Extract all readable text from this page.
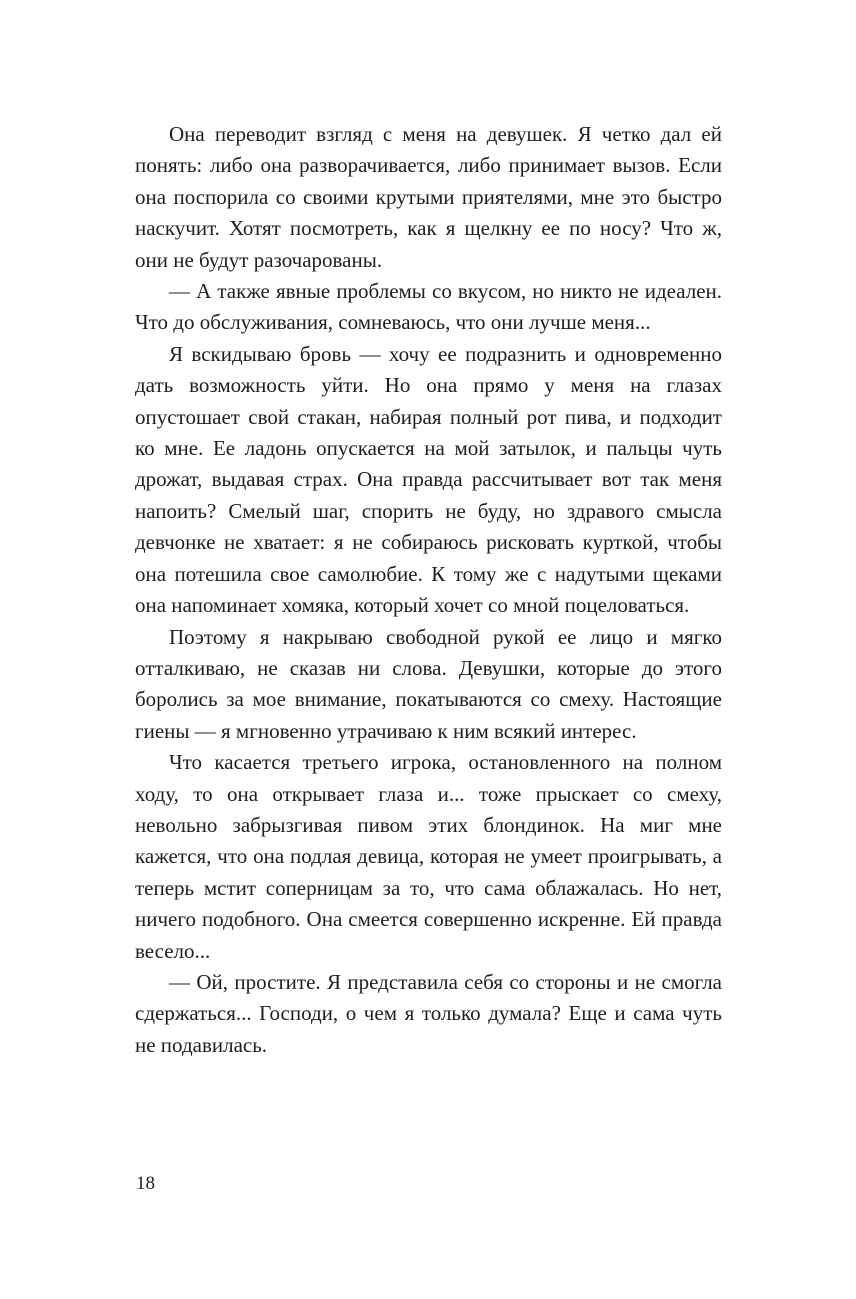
Она переводит взгляд с меня на девушек. Я четко дал ей понять: либо она разворачивается, либо принимает вызов. Если она поспорила со своими крутыми приятелями, мне это быстро наскучит. Хотят посмотреть, как я щелкну ее по носу? Что ж, они не будут разочарованы.

— А также явные проблемы со вкусом, но никто не идеален. Что до обслуживания, сомневаюсь, что они лучше меня...

Я вскидываю бровь — хочу ее подразнить и одновременно дать возможность уйти. Но она прямо у меня на глазах опустошает свой стакан, набирая полный рот пива, и подходит ко мне. Ее ладонь опускается на мой затылок, и пальцы чуть дрожат, выдавая страх. Она правда рассчитывает вот так меня напоить? Смелый шаг, спорить не буду, но здравого смысла девчонке не хватает: я не собираюсь рисковать курткой, чтобы она потешила свое самолюбие. К тому же с надутыми щеками она напоминает хомяка, который хочет со мной поцеловаться.

Поэтому я накрываю свободной рукой ее лицо и мягко отталкиваю, не сказав ни слова. Девушки, которые до этого боролись за мое внимание, покатываются со смеху. Настоящие гиены — я мгновенно утрачиваю к ним всякий интерес.

Что касается третьего игрока, остановленного на полном ходу, то она открывает глаза и... тоже прыскает со смеху, невольно забрызгивая пивом этих блондинок. На миг мне кажется, что она подлая девица, которая не умеет проигрывать, а теперь мстит соперницам за то, что сама облажалась. Но нет, ничего подобного. Она смеется совершенно искренне. Ей правда весело...

— Ой, простите. Я представила себя со стороны и не смогла сдержаться... Господи, о чем я только думала? Еще и сама чуть не подавилась.

18
